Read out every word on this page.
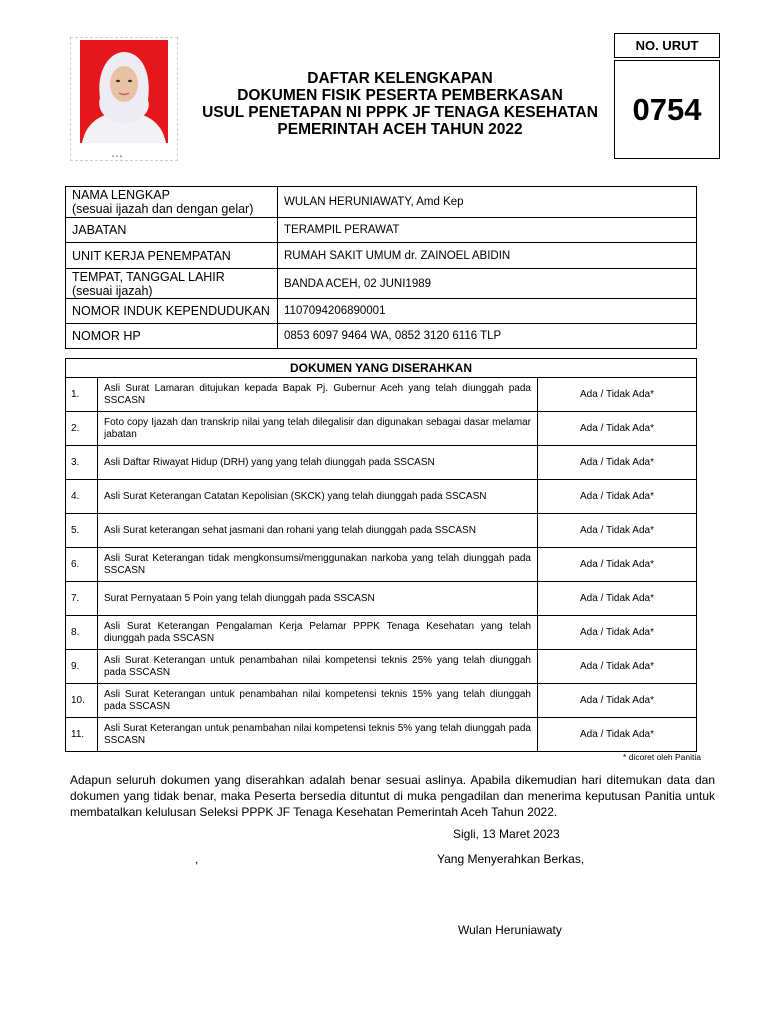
▪ ▪ ▪
DAFTAR KELENGKAPAN
DOKUMEN FISIK PESERTA PEMBERKASAN
USUL PENETAPAN NI PPPK JF TENAGA KESEHATAN
PEMERINTAH ACEH TAHUN 2022
NO. URUT
0754
NAMA LENGKAP
(sesuai ijazah dan dengan gelar)	WULAN HERUNIAWATY, Amd Kep
JABATAN	TERAMPIL PERAWAT
UNIT KERJA PENEMPATAN	RUMAH SAKIT UMUM dr. ZAINOEL ABIDIN
TEMPAT, TANGGAL LAHIR
(sesuai ijazah)	BANDA ACEH, 02 JUNI1989
NOMOR INDUK KEPENDUDUKAN	1107094206890001
NOMOR HP	0853 6097 9464 WA, 0852 3120 6116 TLP
DOKUMEN YANG DISERAHKAN		
1.	Asli Surat Lamaran ditujukan kepada Bapak Pj. Gubernur Aceh yang telah diunggah pada SSCASN	Ada / Tidak Ada*
2.	Foto copy Ijazah dan transkrip nilai yang telah dilegalisir dan digunakan sebagai dasar melamar jabatan	Ada / Tidak Ada*
3.	Asli Daftar Riwayat Hidup (DRH) yang yang telah diunggah pada SSCASN	Ada / Tidak Ada*
4.	Asli Surat Keterangan Catatan Kepolisian (SKCK) yang telah diunggah pada SSCASN	Ada / Tidak Ada*
5.	Asli Surat keterangan sehat jasmani dan rohani yang telah diunggah pada SSCASN	Ada / Tidak Ada*
6.	Asli Surat Keterangan tidak mengkonsumsi/menggunakan narkoba yang telah diunggah pada SSCASN	Ada / Tidak Ada*
7.	Surat Pernyataan 5 Poin yang telah diunggah pada SSCASN	Ada / Tidak Ada*
8.	Asli Surat Keterangan Pengalaman Kerja Pelamar PPPK Tenaga Kesehatan yang telah diunggah pada SSCASN	Ada / Tidak Ada*
9.	Asli Surat Keterangan untuk penambahan nilai kompetensi teknis 25% yang telah diunggah pada SSCASN	Ada / Tidak Ada*
10.	Asli Surat Keterangan untuk penambahan nilai kompetensi teknis 15% yang telah diunggah pada SSCASN	Ada / Tidak Ada*
11.	Asli Surat Keterangan untuk penambahan nilai kompetensi teknis 5% yang telah diunggah pada SSCASN	Ada / Tidak Ada*
* dicoret oleh Panitia
Adapun seluruh dokumen yang diserahkan adalah benar sesuai aslinya. Apabila dikemudian hari ditemukan data dan dokumen yang tidak benar, maka Peserta bersedia dituntut di muka pengadilan dan menerima keputusan Panitia untuk membatalkan kelulusan Seleksi PPPK JF Tenaga Kesehatan Pemerintah Aceh Tahun 2022.
Sigli, 13 Maret 2023
,	Yang Menyerahkan Berkas,
Wulan Heruniawaty
